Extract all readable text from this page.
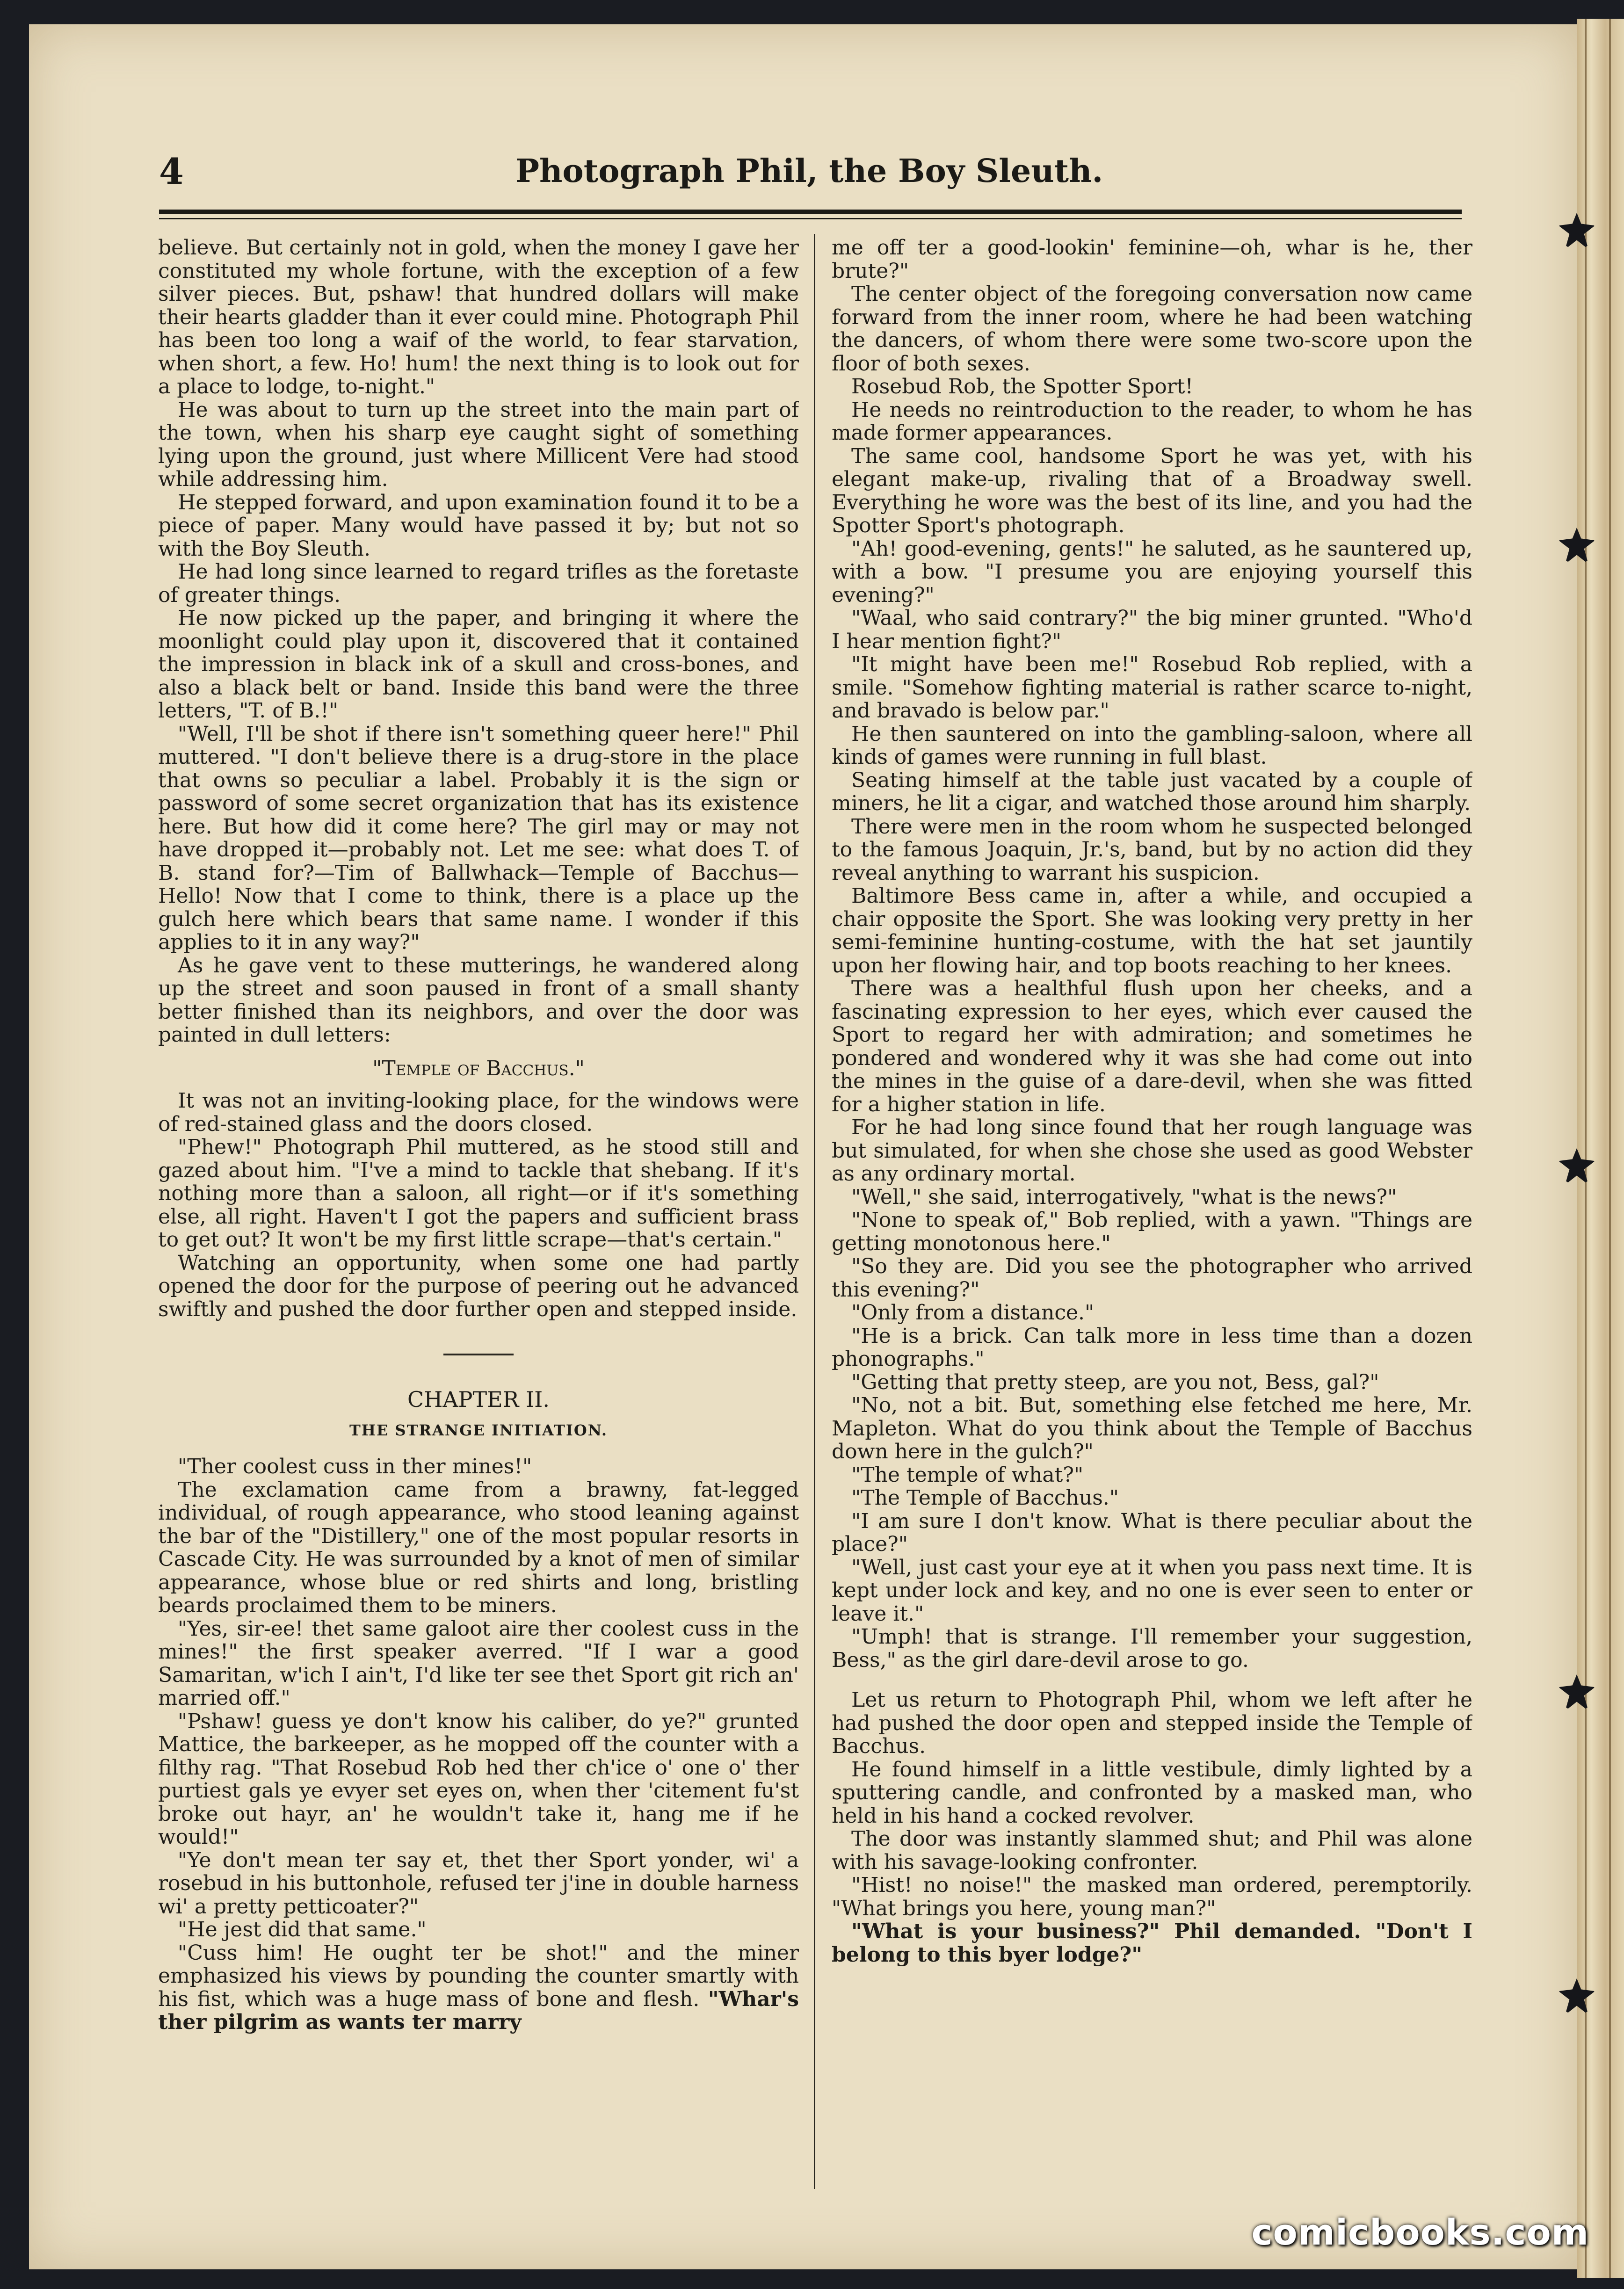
4	Photograph Phil, the Boy Sleuth.

believe. But certainly not in gold, when the money I gave her constituted my whole fortune, with the exception of a few silver pieces. But, pshaw! that hundred dollars will make their hearts gladder than it ever could mine. Photograph Phil has been too long a waif of the world, to fear starvation, when short, a few. Ho! hum! the next thing is to look out for a place to lodge, to-night."

He was about to turn up the street into the main part of the town, when his sharp eye caught sight of something lying upon the ground, just where Millicent Vere had stood while addressing him.

He stepped forward, and upon examination found it to be a piece of paper. Many would have passed it by; but not so with the Boy Sleuth.

He had long since learned to regard trifles as the foretaste of greater things.

He now picked up the paper, and bringing it where the moonlight could play upon it, discovered that it contained the impression in black ink of a skull and cross-bones, and also a black belt or band. Inside this band were the three letters, "T. of B.!"

"Well, I'll be shot if there isn't something queer here!" Phil muttered. "I don't believe there is a drug-store in the place that owns so peculiar a label. Probably it is the sign or password of some secret organization that has its existence here. But how did it come here? The girl may or may not have dropped it—probably not. Let me see: what does T. of B. stand for?—Tim of Ballwhack—Temple of Bacchus— Hello! Now that I come to think, there is a place up the gulch here which bears that same name. I wonder if this applies to it in any way?"

As he gave vent to these mutterings, he wandered along up the street and soon paused in front of a small shanty better finished than its neighbors, and over the door was painted in dull letters:

"Temple of Bacchus."

It was not an inviting-looking place, for the windows were of red-stained glass and the doors closed.

"Phew!" Photograph Phil muttered, as he stood still and gazed about him. "I've a mind to tackle that shebang. If it's nothing more than a saloon, all right—or if it's something else, all right. Haven't I got the papers and sufficient brass to get out? It won't be my first little scrape—that's certain."

Watching an opportunity, when some one had partly opened the door for the purpose of peering out he advanced swiftly and pushed the door further open and stepped inside.

CHAPTER II.
THE STRANGE INITIATION.

"Ther coolest cuss in ther mines!"

The exclamation came from a brawny, fat-legged individual, of rough appearance, who stood leaning against the bar of the "Distillery," one of the most popular resorts in Cascade City. He was surrounded by a knot of men of similar appearance, whose blue or red shirts and long, bristling beards proclaimed them to be miners.

"Yes, sir-ee! thet same galoot aire ther coolest cuss in the mines!" the first speaker averred. "If I war a good Samaritan, w'ich I ain't, I'd like ter see thet Sport git rich an' married off."

"Pshaw! guess ye don't know his caliber, do ye?" grunted Mattice, the barkeeper, as he mopped off the counter with a filthy rag. "That Rosebud Rob hed ther ch'ice o' one o' ther purtiest gals ye evyer set eyes on, when ther 'citement fu'st broke out hayr, an' he wouldn't take it, hang me if he would!"

"Ye don't mean ter say et, thet ther Sport yonder, wi' a rosebud in his buttonhole, refused ter j'ine in double harness wi' a pretty petticoater?"

"He jest did that same."

"Cuss him! He ought ter be shot!" and the miner emphasized his views by pounding the counter smartly with his fist, which was a huge mass of bone and flesh. "Whar's ther pilgrim as wants ter marry

me off ter a good-lookin' feminine—oh, whar is he, ther brute?"

The center object of the foregoing conversation now came forward from the inner room, where he had been watching the dancers, of whom there were some two-score upon the floor of both sexes.

Rosebud Rob, the Spotter Sport!

He needs no reintroduction to the reader, to whom he has made former appearances.

The same cool, handsome Sport he was yet, with his elegant make-up, rivaling that of a Broadway swell. Everything he wore was the best of its line, and you had the Spotter Sport's photograph.

"Ah! good-evening, gents!" he saluted, as he sauntered up, with a bow. "I presume you are enjoying yourself this evening?"

"Waal, who said contrary?" the big miner grunted. "Who'd I hear mention fight?"

"It might have been me!" Rosebud Rob replied, with a smile. "Somehow fighting material is rather scarce to-night, and bravado is below par."

He then sauntered on into the gambling-saloon, where all kinds of games were running in full blast.

Seating himself at the table just vacated by a couple of miners, he lit a cigar, and watched those around him sharply.

There were men in the room whom he suspected belonged to the famous Joaquin, Jr.'s, band, but by no action did they reveal anything to warrant his suspicion.

Baltimore Bess came in, after a while, and occupied a chair opposite the Sport. She was looking very pretty in her semi-feminine hunting-costume, with the hat set jauntily upon her flowing hair, and top boots reaching to her knees.

There was a healthful flush upon her cheeks, and a fascinating expression to her eyes, which ever caused the Sport to regard her with admiration; and sometimes he pondered and wondered why it was she had come out into the mines in the guise of a dare-devil, when she was fitted for a higher station in life.

For he had long since found that her rough language was but simulated, for when she chose she used as good Webster as any ordinary mortal.

"Well," she said, interrogatively, "what is the news?"

"None to speak of," Bob replied, with a yawn. "Things are getting monotonous here."

"So they are. Did you see the photographer who arrived this evening?"

"Only from a distance."

"He is a brick. Can talk more in less time than a dozen phonographs."

"Getting that pretty steep, are you not, Bess, gal?"

"No, not a bit. But, something else fetched me here, Mr. Mapleton. What do you think about the Temple of Bacchus down here in the gulch?"

"The temple of what?"

"The Temple of Bacchus."

"I am sure I don't know. What is there peculiar about the place?"

"Well, just cast your eye at it when you pass next time. It is kept under lock and key, and no one is ever seen to enter or leave it."

"Umph! that is strange. I'll remember your suggestion, Bess," as the girl dare-devil arose to go.

Let us return to Photograph Phil, whom we left after he had pushed the door open and stepped inside the Temple of Bacchus.

He found himself in a little vestibule, dimly lighted by a sputtering candle, and confronted by a masked man, who held in his hand a cocked revolver.

The door was instantly slammed shut; and Phil was alone with his savage-looking confronter.

"Hist! no noise!" the masked man ordered, peremptorily. "What brings you here, young man?"

"What is your business?" Phil demanded. "Don't I belong to this byer lodge?"

comicbooks.com
